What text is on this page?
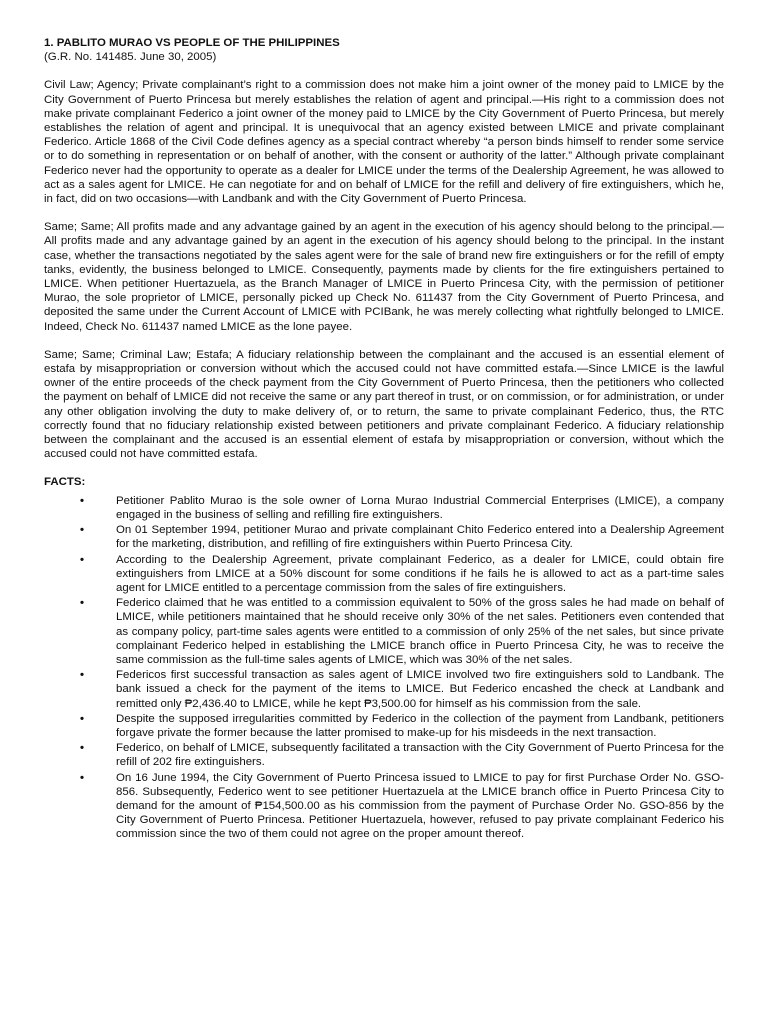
1. PABLITO MURAO VS PEOPLE OF THE PHILIPPINES
(G.R. No. 141485. June 30, 2005)

Civil Law; Agency; Private complainant’s right to a commission does not make him a joint owner of the money paid to LMICE by the City Government of Puerto Princesa but merely establishes the relation of agent and principal.—His right to a commission does not make private complainant Federico a joint owner of the money paid to LMICE by the City Government of Puerto Princesa, but merely establishes the relation of agent and principal. It is unequivocal that an agency existed between LMICE and private complainant Federico. Article 1868 of the Civil Code defines agency as a special contract whereby “a person binds himself to render some service or to do something in representation or on behalf of another, with the consent or authority of the latter.” Although private complainant Federico never had the opportunity to operate as a dealer for LMICE under the terms of the Dealership Agreement, he was allowed to act as a sales agent for LMICE. He can negotiate for and on behalf of LMICE for the refill and delivery of fire extinguishers, which he, in fact, did on two occasions—with Landbank and with the City Government of Puerto Princesa.

Same; Same; All profits made and any advantage gained by an agent in the execution of his agency should belong to the principal.—All profits made and any advantage gained by an agent in the execution of his agency should belong to the principal. In the instant case, whether the transactions negotiated by the sales agent were for the sale of brand new fire extinguishers or for the refill of empty tanks, evidently, the business belonged to LMICE. Consequently, payments made by clients for the fire extinguishers pertained to LMICE. When petitioner Huertazuela, as the Branch Manager of LMICE in Puerto Princesa City, with the permission of petitioner Murao, the sole proprietor of LMICE, personally picked up Check No. 611437 from the City Government of Puerto Princesa, and deposited the same under the Current Account of LMICE with PCIBank, he was merely collecting what rightfully belonged to LMICE. Indeed, Check No. 611437 named LMICE as the lone payee.

Same; Same; Criminal Law; Estafa; A fiduciary relationship between the complainant and the accused is an essential element of estafa by misappropriation or conversion without which the accused could not have committed estafa.—Since LMICE is the lawful owner of the entire proceeds of the check payment from the City Government of Puerto Princesa, then the petitioners who collected the payment on behalf of LMICE did not receive the same or any part thereof in trust, or on commission, or for administration, or under any other obligation involving the duty to make delivery of, or to return, the same to private complainant Federico, thus, the RTC correctly found that no fiduciary relationship existed between petitioners and private complainant Federico. A fiduciary relationship between the complainant and the accused is an essential element of estafa by misappropriation or conversion, without which the accused could not have committed estafa.

FACTS:
•	Petitioner Pablito Murao is the sole owner of Lorna Murao Industrial Commercial Enterprises (LMICE), a company engaged in the business of selling and refilling fire extinguishers.
•	On 01 September 1994, petitioner Murao and private complainant Chito Federico entered into a Dealership Agreement for the marketing, distribution, and refilling of fire extinguishers within Puerto Princesa City.
•	According to the Dealership Agreement, private complainant Federico, as a dealer for LMICE, could obtain fire extinguishers from LMICE at a 50% discount for some conditions if he fails he is allowed to act as a part-time sales agent for LMICE entitled to a percentage commission from the sales of fire extinguishers.
•	Federico claimed that he was entitled to a commission equivalent to 50% of the gross sales he had made on behalf of LMICE, while petitioners maintained that he should receive only 30% of the net sales. Petitioners even contended that as company policy, part-time sales agents were entitled to a commission of only 25% of the net sales, but since private complainant Federico helped in establishing the LMICE branch office in Puerto Princesa City, he was to receive the same commission as the full-time sales agents of LMICE, which was 30% of the net sales.
•	Federicos first successful transaction as sales agent of LMICE involved two fire extinguishers sold to Landbank. The bank issued a check for the payment of the items to LMICE. But Federico encashed the check at Landbank and remitted only ₱2,436.40 to LMICE, while he kept ₱3,500.00 for himself as his commission from the sale.
•	Despite the supposed irregularities committed by Federico in the collection of the payment from Landbank, petitioners forgave private the former because the latter promised to make-up for his misdeeds in the next transaction.
•	Federico, on behalf of LMICE, subsequently facilitated a transaction with the City Government of Puerto Princesa for the refill of 202 fire extinguishers.
•	On 16 June 1994, the City Government of Puerto Princesa issued to LMICE to pay for first Purchase Order No. GSO-856. Subsequently, Federico went to see petitioner Huertazuela at the LMICE branch office in Puerto Princesa City to demand for the amount of ₱154,500.00 as his commission from the payment of Purchase Order No. GSO-856 by the City Government of Puerto Princesa. Petitioner Huertazuela, however, refused to pay private complainant Federico his commission since the two of them could not agree on the proper amount thereof.
